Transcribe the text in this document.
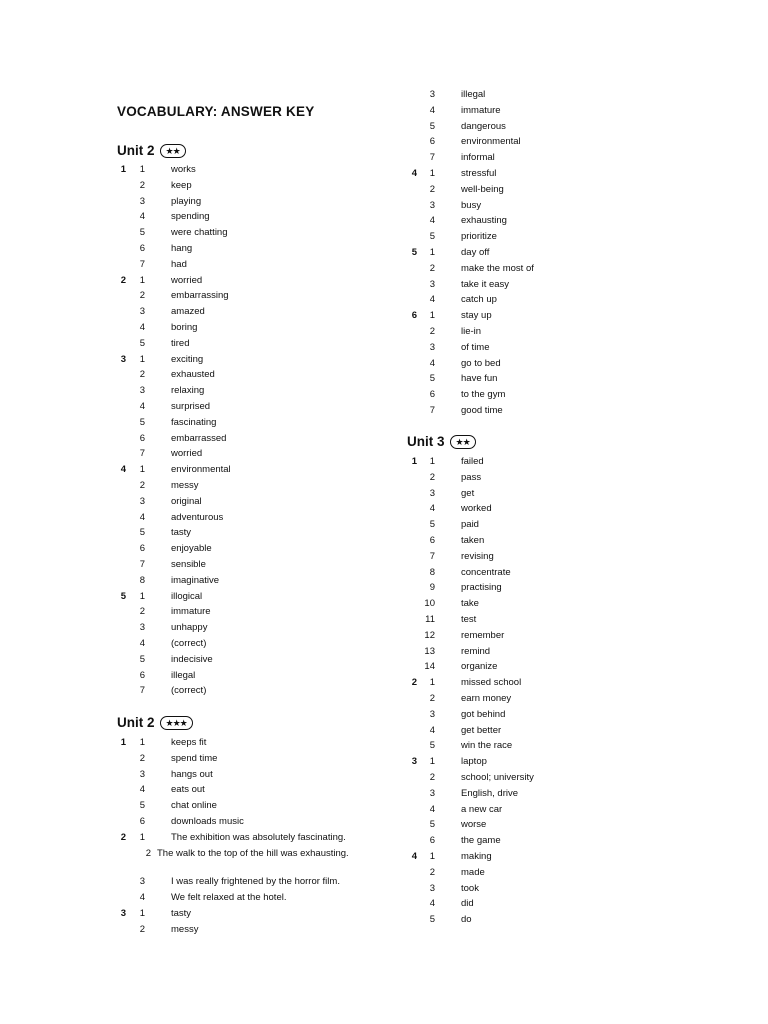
VOCABULARY: ANSWER KEY
Unit 2	★★
1	1	works
2	keep
3	playing
4	spending
5	were chatting
6	hang
7	had
2	1	worried
2	embarrassing
3	amazed
4	boring
5	tired
3	1	exciting
2	exhausted
3	relaxing
4	surprised
5	fascinating
6	embarrassed
7	worried
4	1	environmental
2	messy
3	original
4	adventurous
5	tasty
6	enjoyable
7	sensible
8	imaginative
5	1	illogical
2	immature
3	unhappy
4	(correct)
5	indecisive
6	illegal
7	(correct)
Unit 2	★★★
1	1	keeps fit
2	spend time
3	hangs out
4	eats out
5	chat online
6	downloads music
2	1	The exhibition was absolutely fascinating.
2 The walk to the top of the hill was exhausting.
3	I was really frightened by the horror film.
4	We felt relaxed at the hotel.
3	1	tasty
2	messy
3	illegal
4	immature
5	dangerous
6	environmental
7	informal
4	1	stressful
2	well-being
3	busy
4	exhausting
5	prioritize
5	1	day off
2	make the most of
3	take it easy
4	catch up
6	1	stay up
2	lie-in
3	of time
4	go to bed
5	have fun
6	to the gym
7	good time
Unit 3	★★
1	1	failed
2	pass
3	get
4	worked
5	paid
6	taken
7	revising
8	concentrate
9	practising
10	take
11	test
12	remember
13	remind
14	organize
2	1	missed school
2	earn money
3	got behind
4	get better
5	win the race
3	1	laptop
2	school; university
3	English, drive
4	a new car
5	worse
6	the game
4	1	making
2	made
3	took
4	did
5	do
